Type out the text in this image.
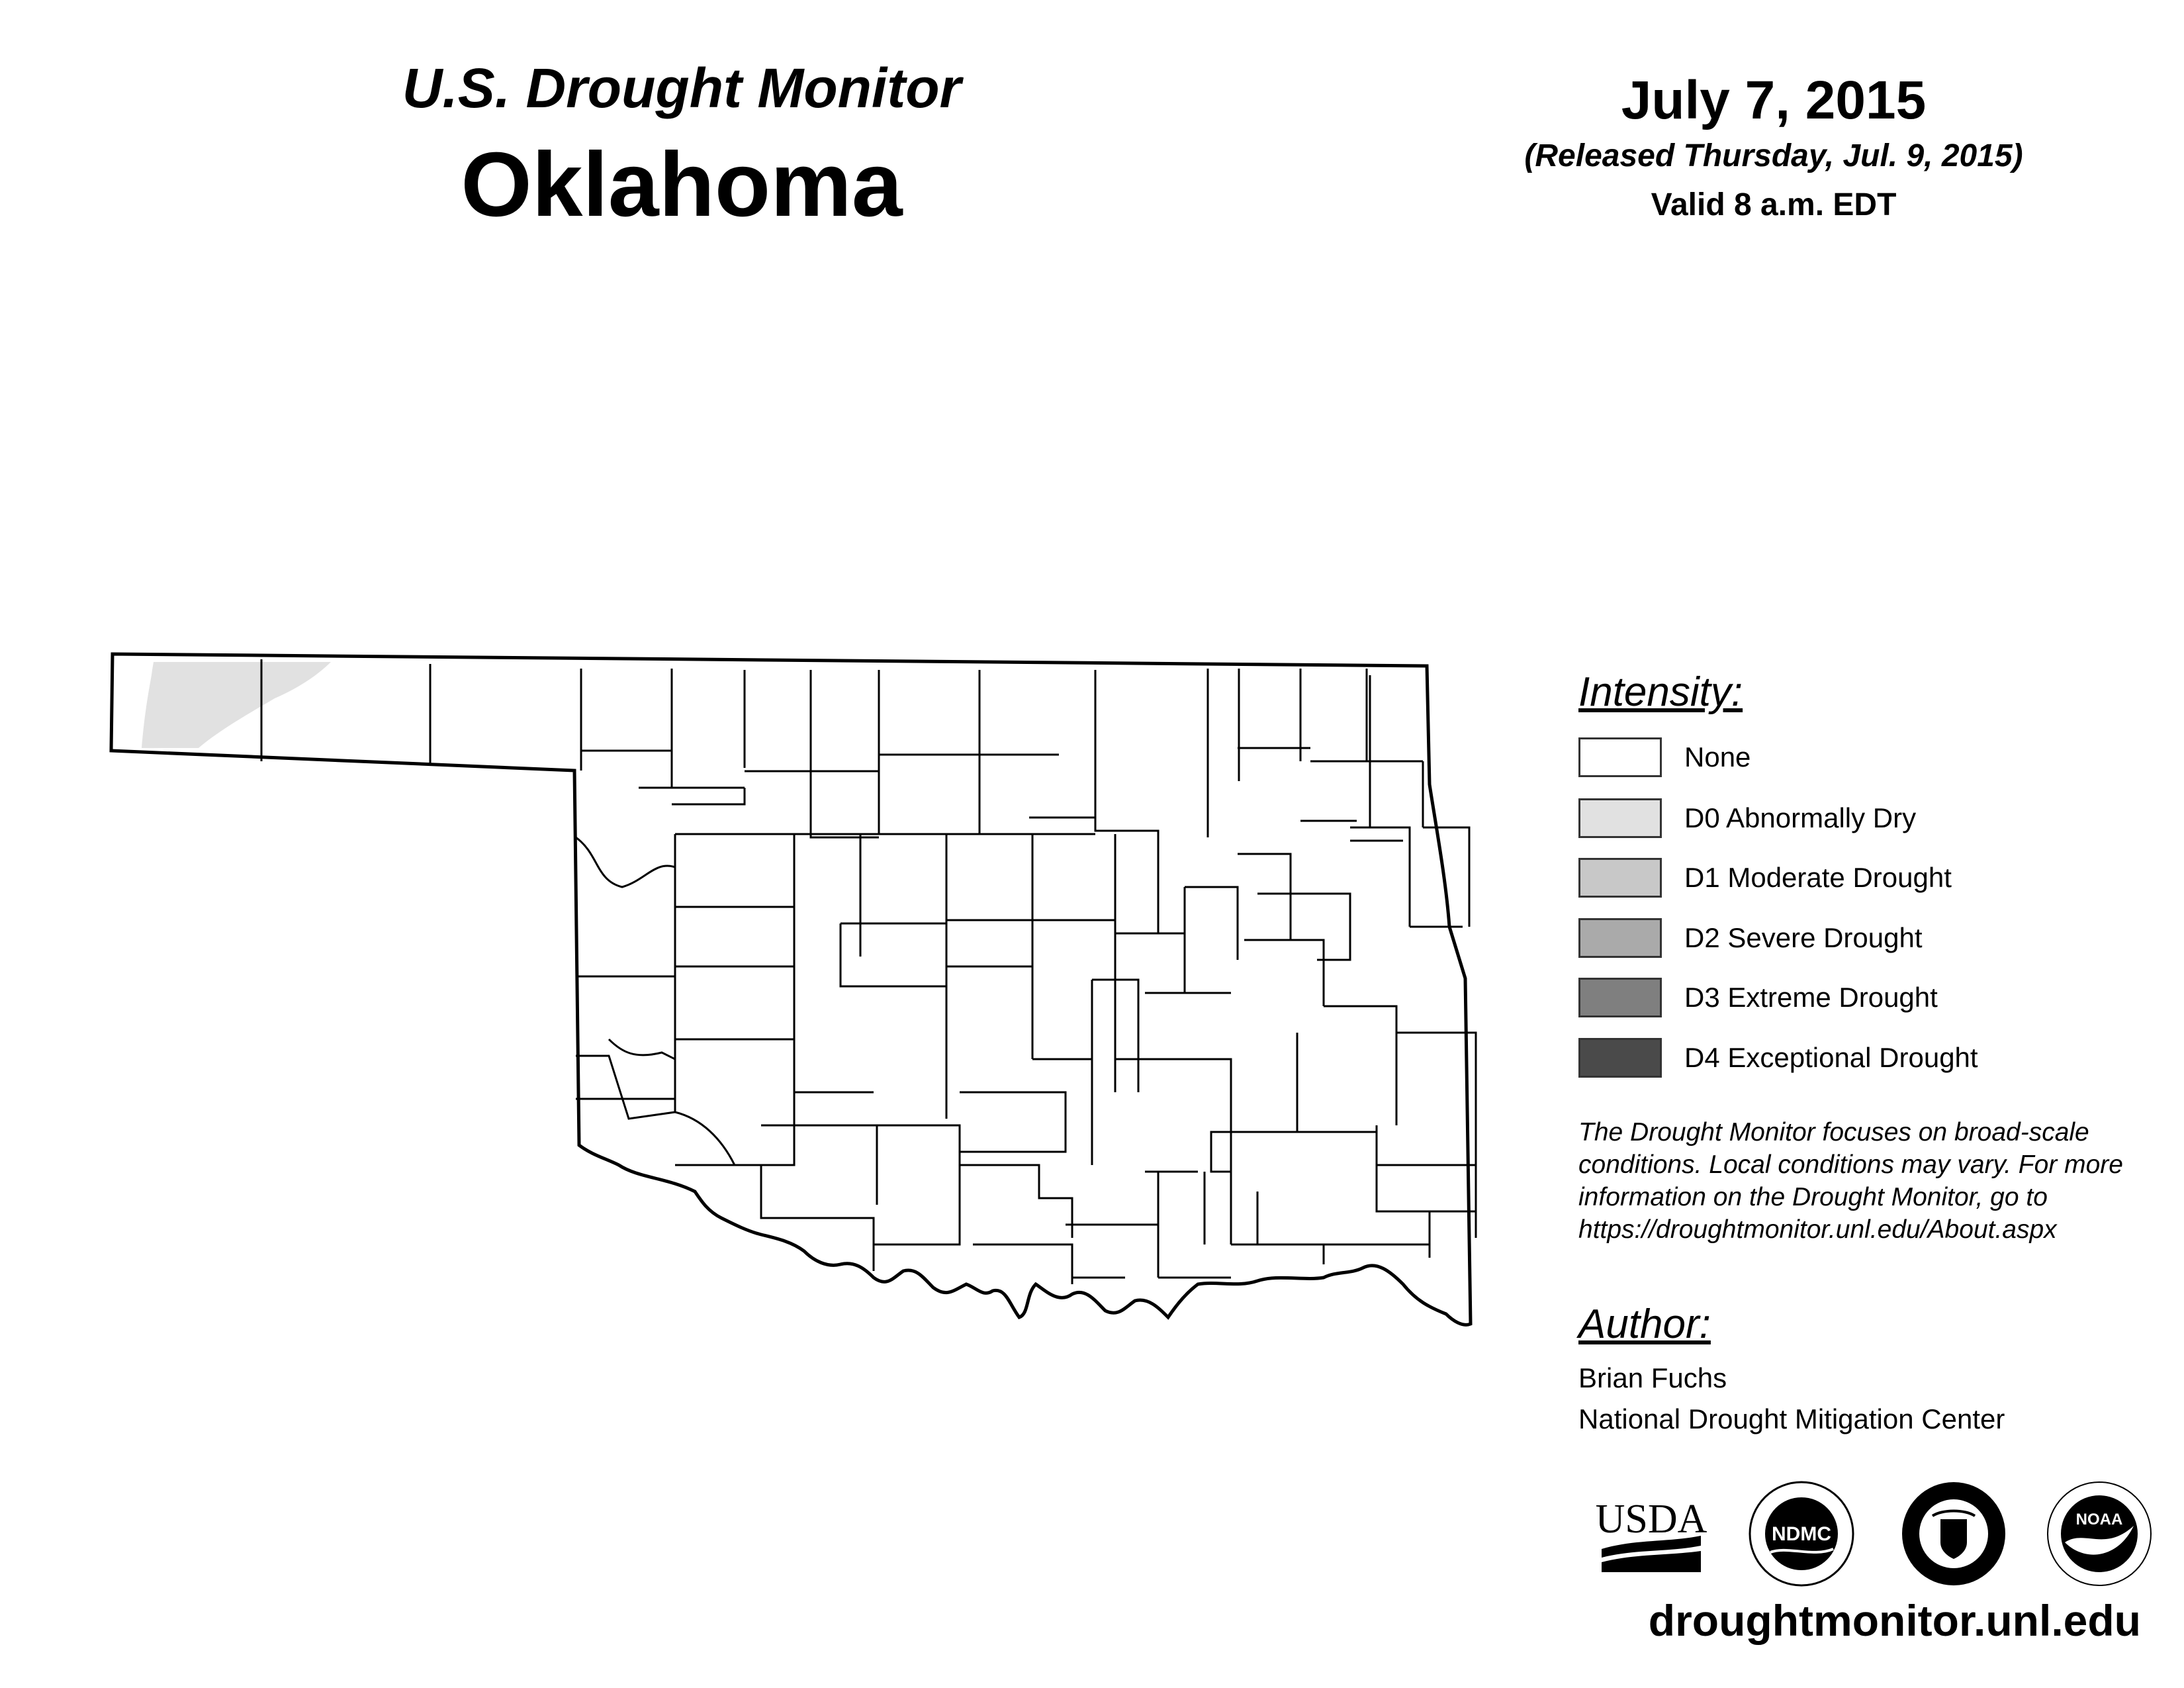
U.S. Drought Monitor
Oklahoma
July 7, 2015
(Released Thursday, Jul. 9, 2015)
Valid 8 a.m. EDT
Intensity:
None
D0 Abnormally Dry
D1 Moderate Drought
D2 Severe Drought
D3 Extreme Drought
D4 Exceptional Drought
The Drought Monitor focuses on broad-scale conditions. Local conditions may vary. For more information on the Drought Monitor, go to https://droughtmonitor.unl.edu/About.aspx
Author:
Brian Fuchs
National Drought Mitigation Center
USDA	NDMC
NOAA
droughtmonitor.unl.edu
